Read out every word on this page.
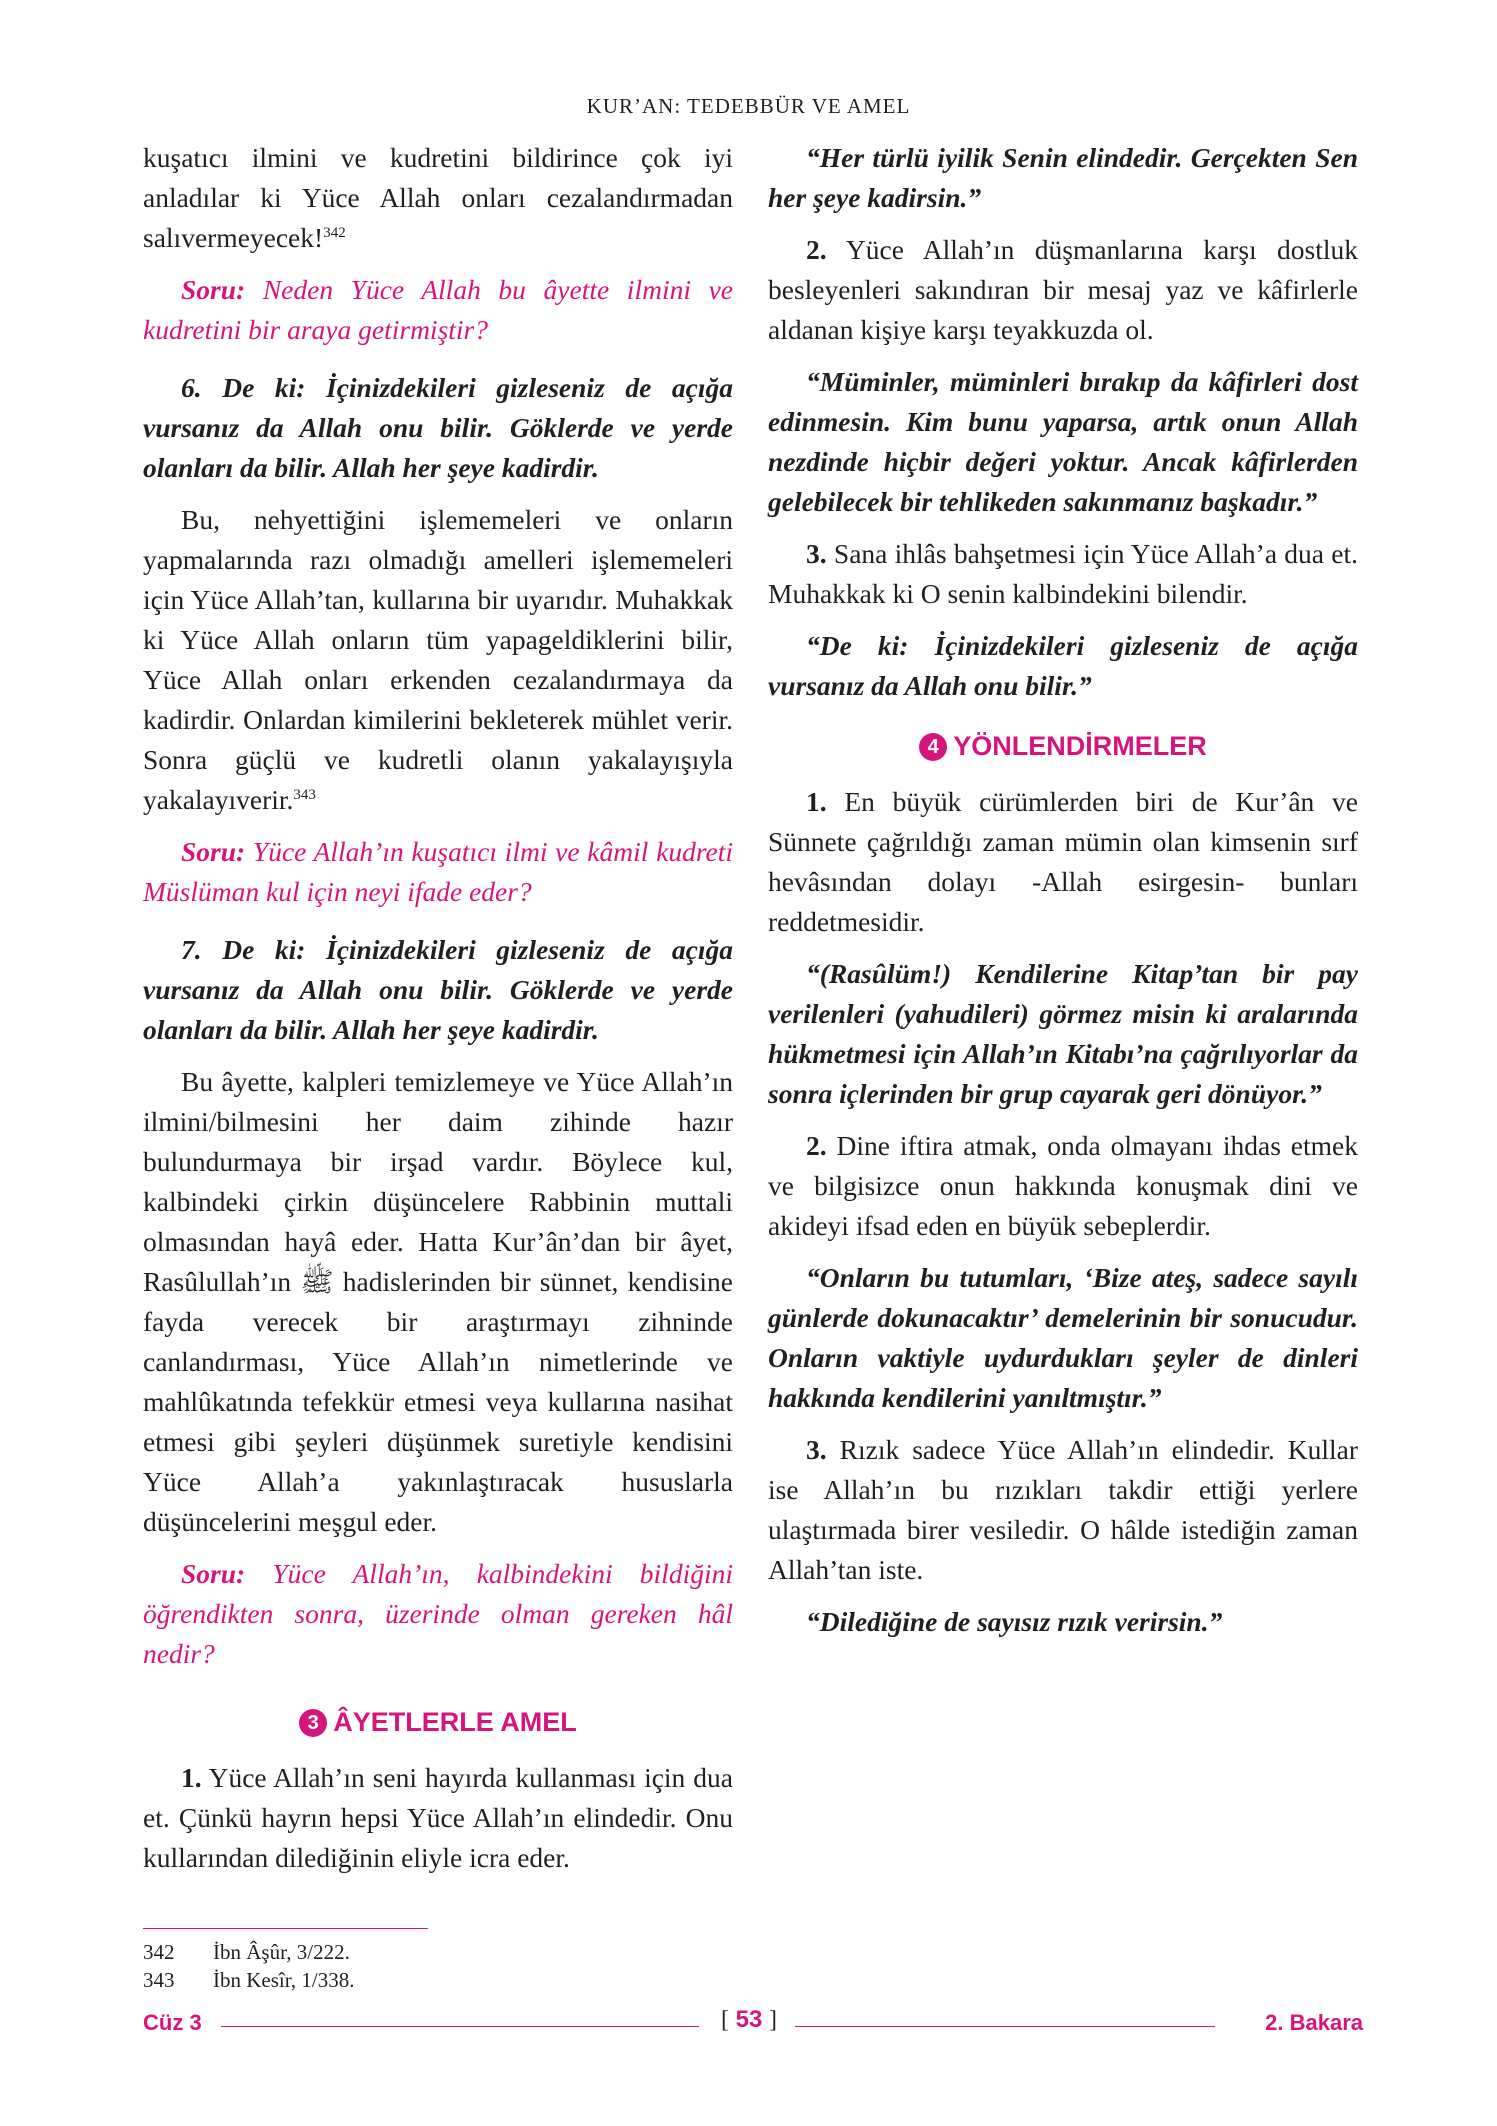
KUR’AN: TEDEBBÜR VE AMEL

kuşatıcı ilmini ve kudretini bildirince çok iyi anladılar ki Yüce Allah onları cezalandırmadan salıvermeyecek!$^{342}$

Soru: Neden Yüce Allah bu âyette ilmini ve kudretini bir araya getirmiştir?

6. De ki: İçinizdekileri gizleseniz de açığa vursanız da Allah onu bilir. Göklerde ve yerde olanları da bilir. Allah her şeye kadirdir.

Bu, nehyettiğini işlememeleri ve onların yapmalarında razı olmadığı amelleri işlememeleri için Yüce Allah’tan, kullarına bir uyarıdır. Muhakkak ki Yüce Allah onların tüm yapageldiklerini bilir, Yüce Allah onları erkenden cezalandırmaya da kadirdir. Onlardan kimilerini bekleterek mühlet verir. Sonra güçlü ve kudretli olanın yakalayışıyla yakalayıverir.$^{343}$

Soru: Yüce Allah’ın kuşatıcı ilmi ve kâmil kudreti Müslüman kul için neyi ifade eder?

7. De ki: İçinizdekileri gizleseniz de açığa vursanız da Allah onu bilir. Göklerde ve yerde olanları da bilir. Allah her şeye kadirdir.

Bu âyette, kalpleri temizlemeye ve Yüce Allah’ın ilmini/bilmesini her daim zihinde hazır bulundurmaya bir irşad vardır. Böylece kul, kalbindeki çirkin düşüncelere Rabbinin muttali olmasından hayâ eder. Hatta Kur’ân’dan bir âyet, Rasûlullah’ın ﷺ hadislerinden bir sünnet, kendisine fayda verecek bir araştırmayı zihninde canlandırması, Yüce Allah’ın nimetlerinde ve mahlûkatında tefekkür etmesi veya kullarına nasihat etmesi gibi şeyleri düşünmek suretiyle kendisini Yüce Allah’a yakınlaştıracak hususlarla düşüncelerini meşgul eder.

Soru: Yüce Allah’ın, kalbindekini bildiğini öğrendikten sonra, üzerinde olman gereken hâl nedir?

3 ÂYETLERLE AMEL

1. Yüce Allah’ın seni hayırda kullanması için dua et. Çünkü hayrın hepsi Yüce Allah’ın elindedir. Onu kullarından dilediğinin eliyle icra eder.

“Her türlü iyilik Senin elindedir. Gerçekten Sen her şeye kadirsin.”

2. Yüce Allah’ın düşmanlarına karşı dostluk besleyenleri sakındıran bir mesaj yaz ve kâfirlerle aldanan kişiye karşı teyakkuzda ol.

“Müminler, müminleri bırakıp da kâfirleri dost edinmesin. Kim bunu yaparsa, artık onun Allah nezdinde hiçbir değeri yoktur. Ancak kâfirlerden gelebilecek bir tehlikeden sakınmanız başkadır.”

3. Sana ihlâs bahşetmesi için Yüce Allah’a dua et. Muhakkak ki O senin kalbindekini bilendir.

“De ki: İçinizdekileri gizleseniz de açığa vursanız da Allah onu bilir.”

4 YÖNLENDİRMELER

1. En büyük cürümlerden biri de Kur’ân ve Sünnete çağrıldığı zaman mümin olan kimsenin sırf hevâsından dolayı -Allah esirgesin- bunları reddetmesidir.

“(Rasûlüm!) Kendilerine Kitap’tan bir pay verilenleri (yahudileri) görmez misin ki aralarında hükmetmesi için Allah’ın Kitabı’na çağrılıyorlar da sonra içlerinden bir grup cayarak geri dönüyor.”

2. Dine iftira atmak, onda olmayanı ihdas etmek ve bilgisizce onun hakkında konuşmak dini ve akideyi ifsad eden en büyük sebeplerdir.

“Onların bu tutumları, ‘Bize ateş, sadece sayılı günlerde dokunacaktır’ demelerinin bir sonucudur. Onların vaktiyle uydurdukları şeyler de dinleri hakkında kendilerini yanıltmıştır.”

3. Rızık sadece Yüce Allah’ın elindedir. Kullar ise Allah’ın bu rızıkları takdir ettiği yerlere ulaştırmada birer vesiledir. O hâlde istediğin zaman Allah’tan iste.

“Dilediğine de sayısız rızık verirsin.”

342 İbn Âşûr, 3/222.

343 İbn Kesîr, 1/338.

Cüz 3	[ 53 ]	2. Bakara
